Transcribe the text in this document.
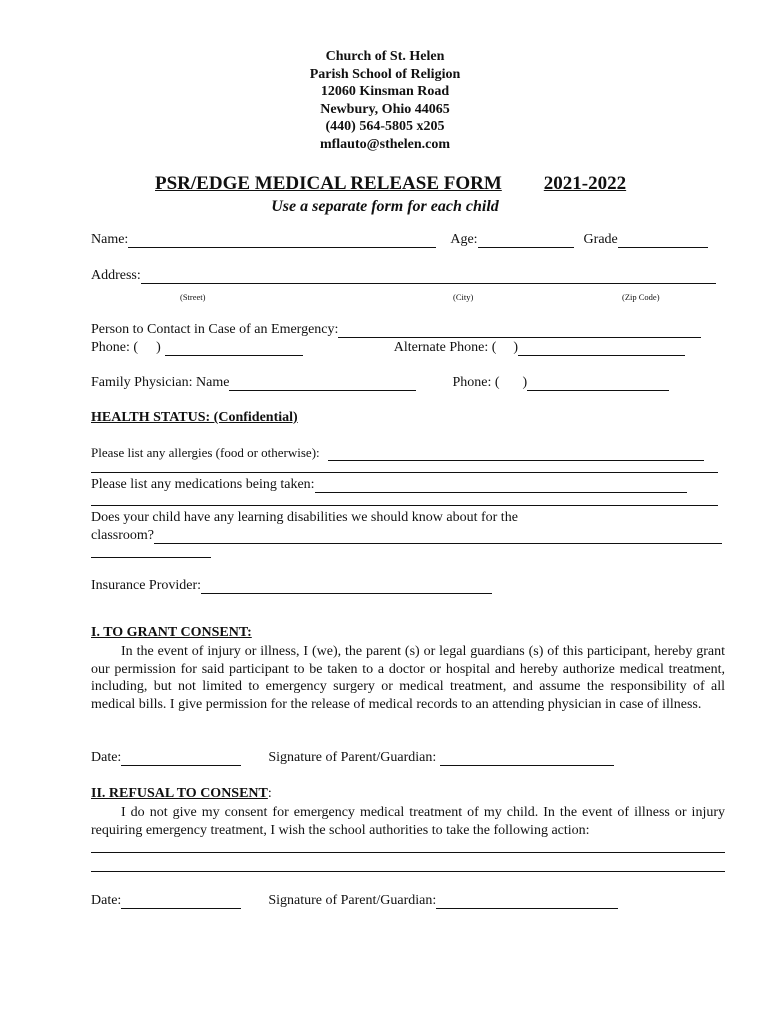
Church of St. Helen
Parish School of Religion
12060 Kinsman Road
Newbury, Ohio 44065
(440) 564-5805 x205
mflauto@sthelen.com
PSR/EDGE MEDICAL RELEASE FORM 2021-2022
Use a separate form for each child
Name:	Age:	Grade
Address:
(Street)	(City)	(Zip Code)
Person to Contact in Case of an Emergency:
Phone: ( )	Alternate Phone: ( )
Family Physician: Name	Phone: ( )
HEALTH STATUS: (Confidential)
Please list any allergies (food or otherwise):
Please list any medications being taken:
Does your child have any learning disabilities we should know about for the
classroom?
Insurance Provider:
I. TO GRANT CONSENT:
In the event of injury or illness, I (we), the parent (s) or legal guardians (s) of this participant, hereby grant our permission for said participant to be taken to a doctor or hospital and hereby authorize medical treatment, including, but not limited to emergency surgery or medical treatment, and assume the responsibility of all medical bills. I give permission for the release of medical records to an attending physician in case of illness.
Date:	Signature of Parent/Guardian:
II. REFUSAL TO CONSENT :
I do not give my consent for emergency medical treatment of my child. In the event of illness or injury requiring emergency treatment, I wish the school authorities to take the following action:
Date:	Signature of Parent/Guardian:
